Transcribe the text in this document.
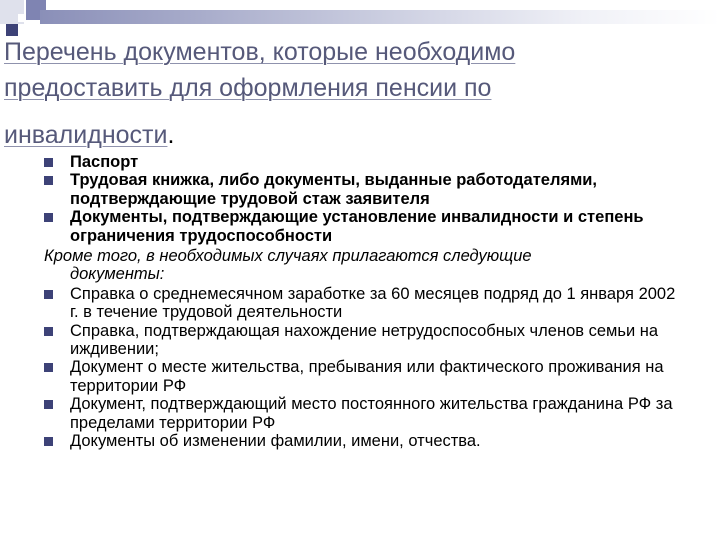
Перечень документов, которые необходимо
предоставить для оформления пенсии по
инвалидности.
Паспорт
Трудовая книжка, либо документы, выданные работодателями, подтверждающие трудовой стаж заявителя
Документы, подтверждающие установление инвалидности и степень ограничения трудоспособности
Кроме того, в необходимых случаях прилагаются следующие
документы:
Справка о среднемесячном заработке за 60 месяцев подряд до 1 января 2002 г. в течение трудовой деятельности
Справка, подтверждающая нахождение нетрудоспособных членов семьи на иждивении;
Документ о месте жительства, пребывания или фактического проживания на территории РФ
Документ, подтверждающий место постоянного жительства гражданина РФ за пределами территории РФ
Документы об изменении фамилии, имени, отчества.
